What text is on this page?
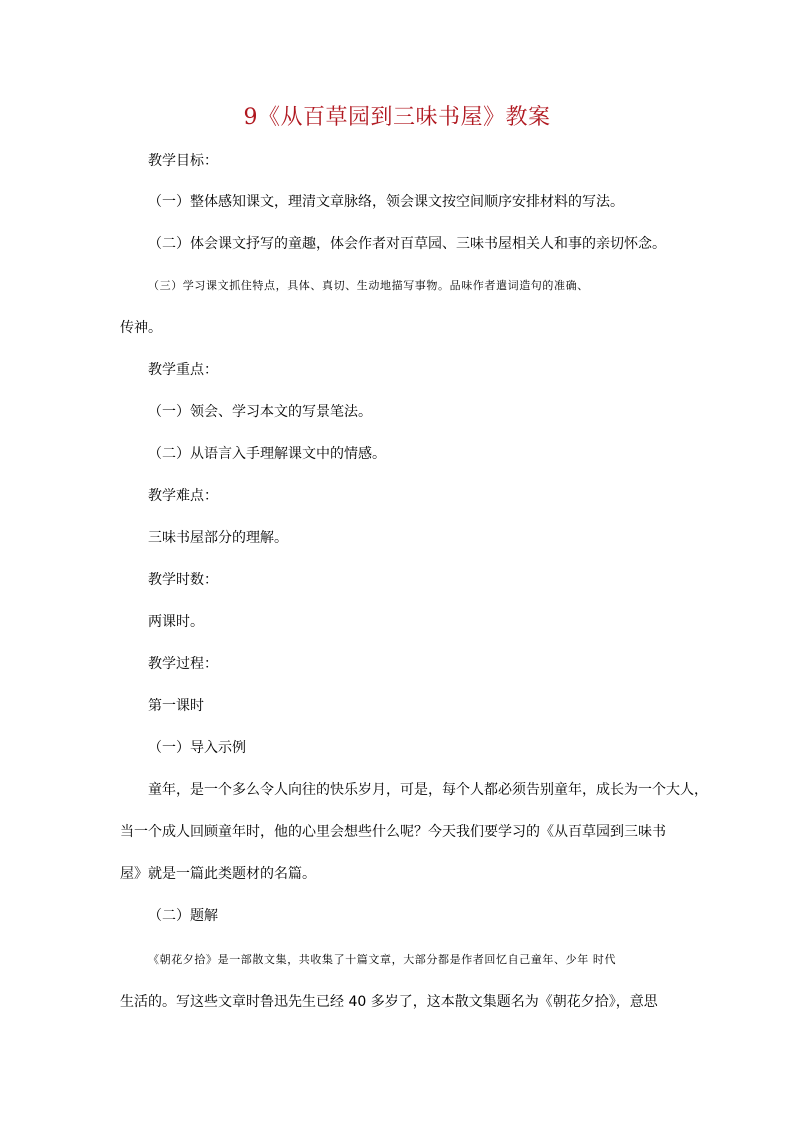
9《从百草园到三味书屋》教案
教学目标：
（一）整体感知课文，理清文章脉络，领会课文按空间顺序安排材料的写法。
（二）体会课文抒写的童趣，体会作者对百草园、三味书屋相关人和事的亲切怀念。
（三）学习课文抓住特点，具体、真切、生动地描写事物。品味作者遣词造句的准确、
传神。
教学重点：
（一）领会、学习本文的写景笔法。
（二）从语言入手理解课文中的情感。
教学难点：
三味书屋部分的理解。
教学时数：
两课时。
教学过程：
第一课时
（一）导入示例
童年，是一个多么令人向往的快乐岁月，可是，每个人都必须告别童年，成长为一个大人，
当一个成人回顾童年时，他的心里会想些什么呢？今天我们要学习的《从百草园到三味书
屋》就是一篇此类题材的名篇。
（二）题解
《朝花夕拾》是一部散文集，共收集了十篇文章，大部分都是作者回忆自己童年、少年 时代
生活的。写这些文章时鲁迅先生已经 40 多岁了，这本散文集题名为《朝花夕拾》，意思
